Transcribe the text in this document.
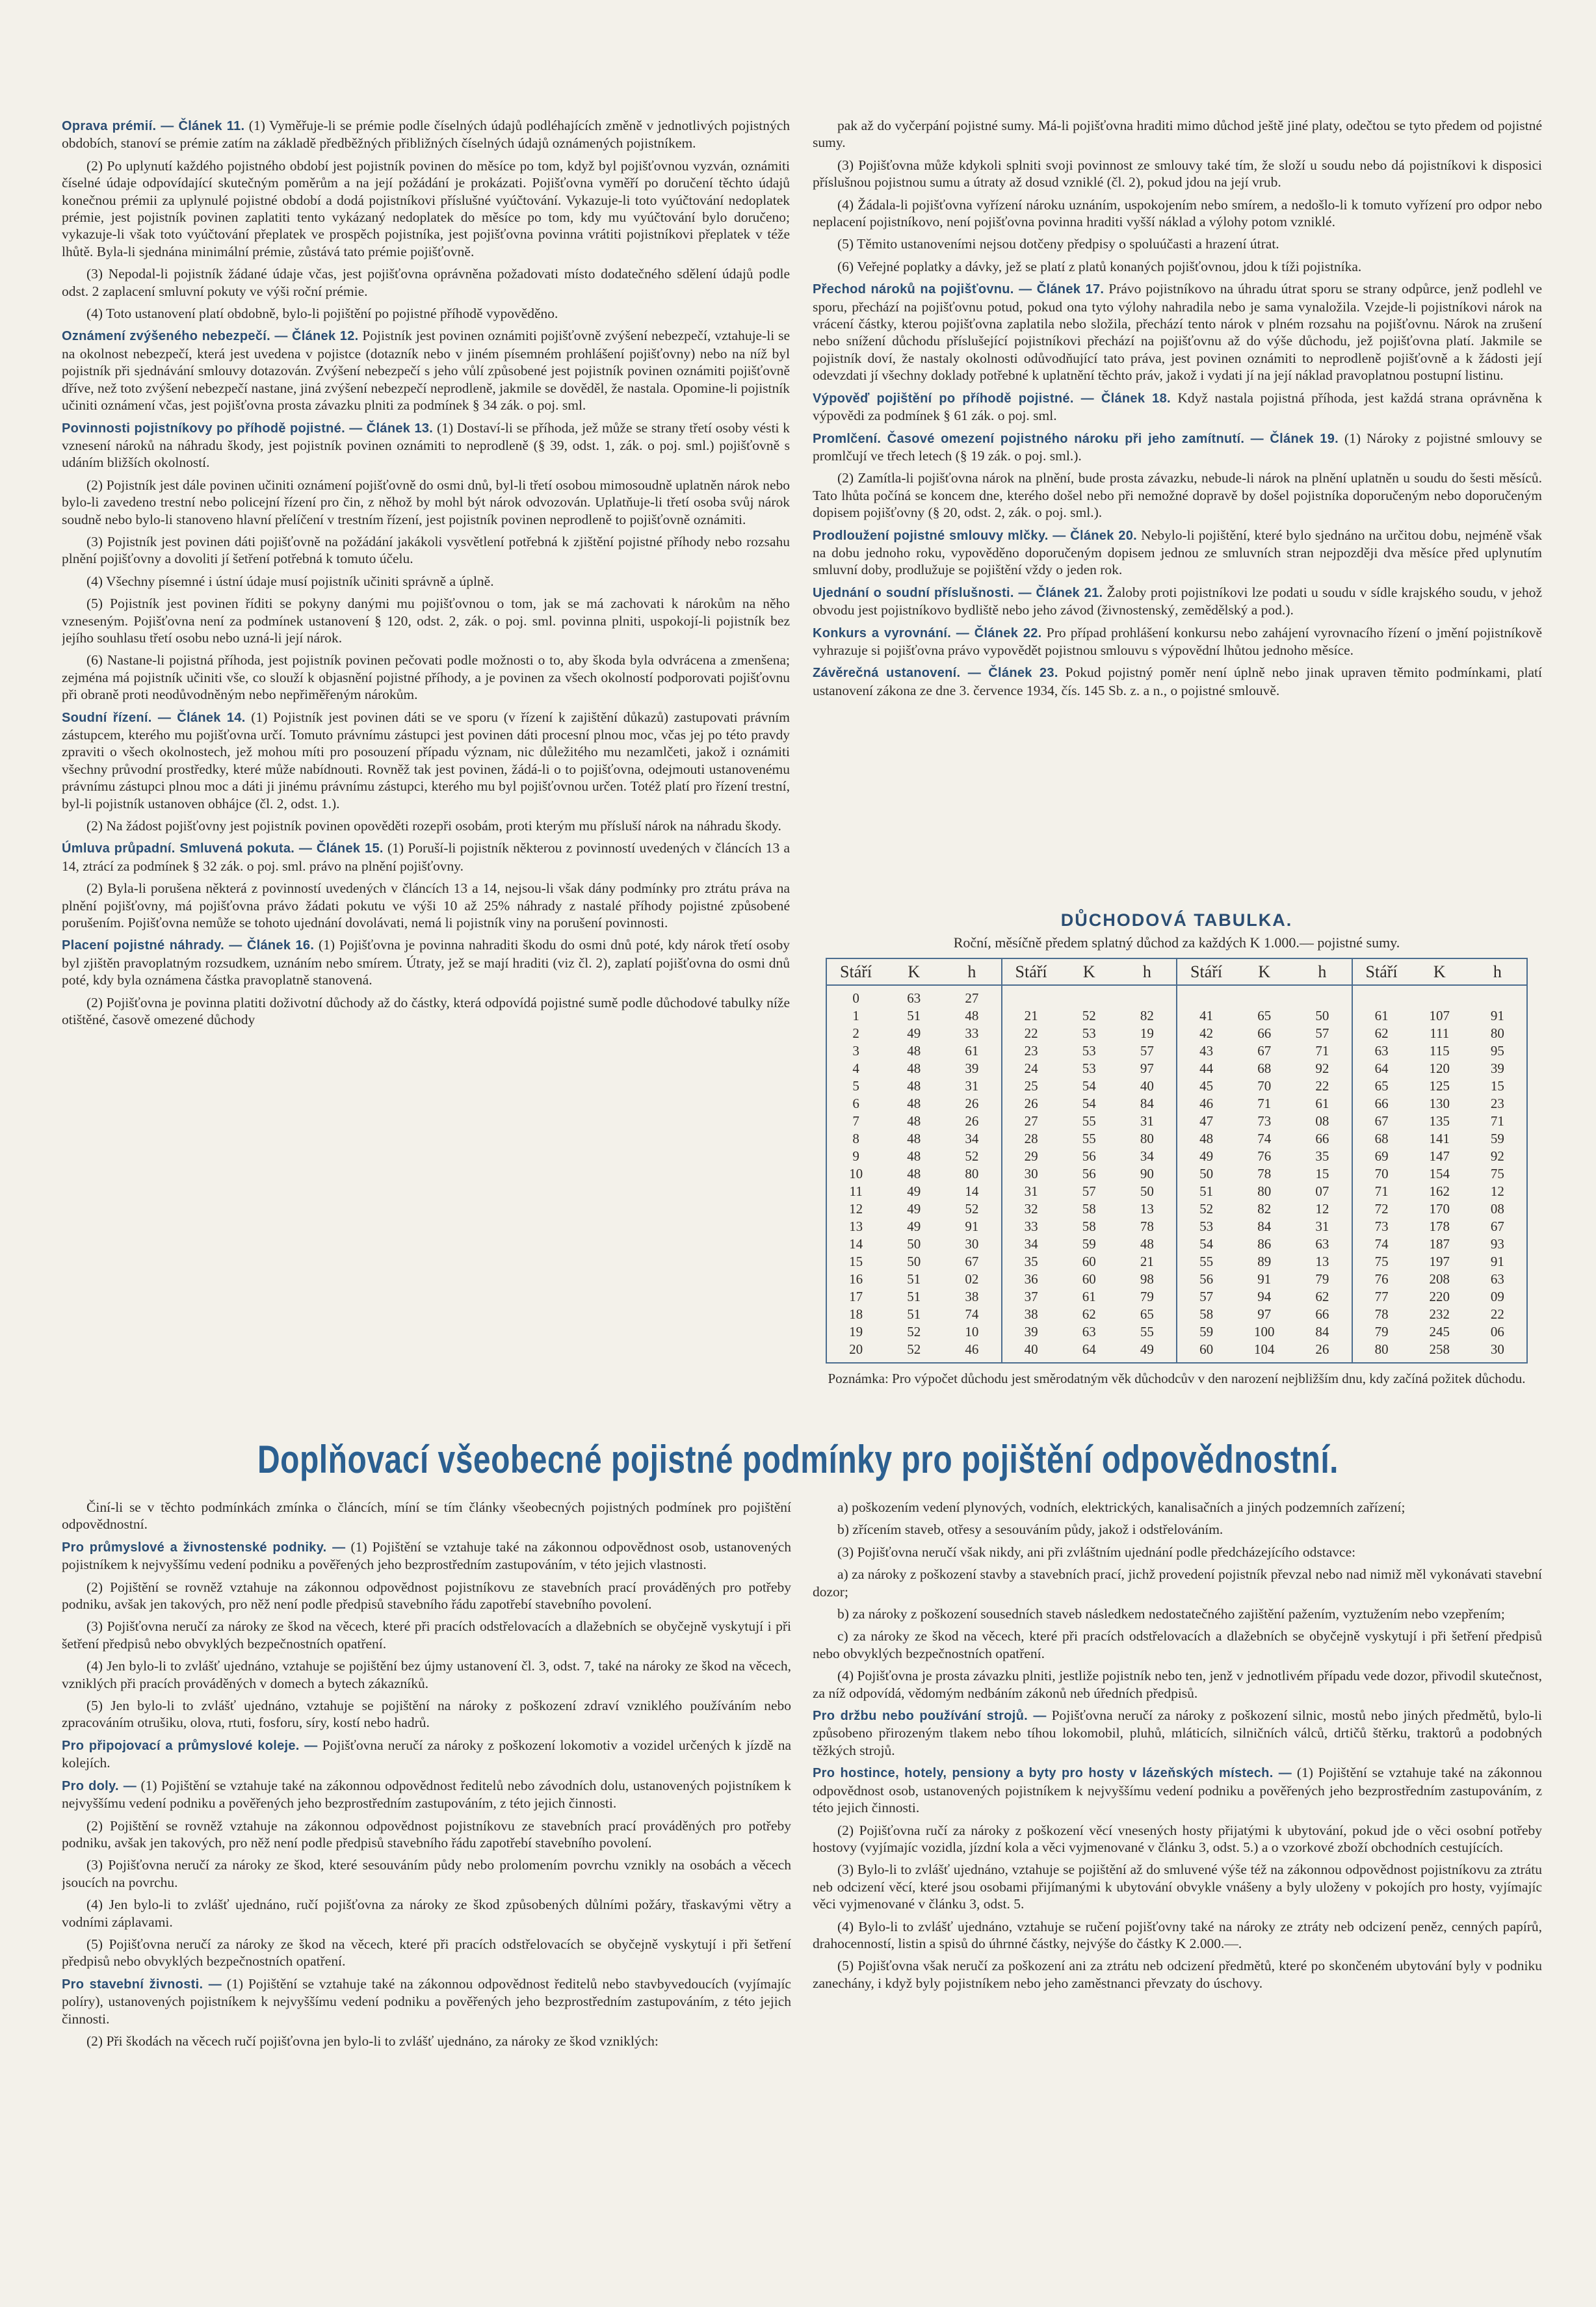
Oprava prémií. — Článek 11. (1) Vyměřuje-li se prémie podle číselných údajů podléhajících změně v jednotlivých pojistných obdobích, stanoví se prémie zatím na základě předběžných přibližných číselných údajů oznámených pojistníkem.

(2) Po uplynutí každého pojistného období jest pojistník povinen do měsíce po tom, když byl pojišťovnou vyzván, oznámiti číselné údaje odpovídající skutečným poměrům a na její požádání je prokázati. Pojišťovna vyměří po doručení těchto údajů konečnou prémii za uplynulé pojistné období a dodá pojistníkovi příslušné vyúčtování. Vykazuje-li toto vyúčtování nedoplatek prémie, jest pojistník povinen zaplatiti tento vykázaný nedoplatek do měsíce po tom, kdy mu vyúčtování bylo doručeno; vykazuje-li však toto vyúčtování přeplatek ve prospěch pojistníka, jest pojišťovna povinna vrátiti pojistníkovi přeplatek v téže lhůtě. Byla-li sjednána minimální prémie, zůstává tato prémie pojišťovně.

(3) Nepodal-li pojistník žádané údaje včas, jest pojišťovna oprávněna požadovati místo dodatečného sdělení údajů podle odst. 2 zaplacení smluvní pokuty ve výši roční prémie.

(4) Toto ustanovení platí obdobně, bylo-li pojištění po pojistné příhodě vypověděno.

Oznámení zvýšeného nebezpečí. — Článek 12. Pojistník jest povinen oznámiti pojišťovně zvýšení nebezpečí, vztahuje-li se na okolnost nebezpečí, která jest uvedena v pojistce (dotazník nebo v jiném písemném prohlášení pojišťovny) nebo na níž byl pojistník při sjednávání smlouvy dotazován. Zvýšení nebezpečí s jeho vůlí způsobené jest pojistník povinen oznámiti pojišťovně dříve, než toto zvýšení nebezpečí nastane, jiná zvýšení nebezpečí neprodleně, jakmile se dověděl, že nastala. Opomine-li pojistník učiniti oznámení včas, jest pojišťovna prosta závazku plniti za podmínek § 34 zák. o poj. sml.

Povinnosti pojistníkovy po příhodě pojistné. — Článek 13. (1) Dostaví-li se příhoda, jež může se strany třetí osoby vésti k vznesení nároků na náhradu škody, jest pojistník povinen oznámiti to neprodleně (§ 39, odst. 1, zák. o poj. sml.) pojišťovně s udáním bližších okolností.

(2) Pojistník jest dále povinen učiniti oznámení pojišťovně do osmi dnů, byl-li třetí osobou mimosoudně uplatněn nárok nebo bylo-li zavedeno trestní nebo policejní řízení pro čin, z něhož by mohl být nárok odvozován. Uplatňuje-li třetí osoba svůj nárok soudně nebo bylo-li stanoveno hlavní přelíčení v trestním řízení, jest pojistník povinen neprodleně to pojišťovně oznámiti.

(3) Pojistník jest povinen dáti pojišťovně na požádání jakákoli vysvětlení potřebná k zjištění pojistné příhody nebo rozsahu plnění pojišťovny a dovoliti jí šetření potřebná k tomuto účelu.

(4) Všechny písemné i ústní údaje musí pojistník učiniti správně a úplně.

(5) Pojistník jest povinen říditi se pokyny danými mu pojišťovnou o tom, jak se má zachovati k nárokům na něho vzneseným. Pojišťovna není za podmínek ustanovení § 120, odst. 2, zák. o poj. sml. povinna plniti, uspokojí-li pojistník bez jejího souhlasu třetí osobu nebo uzná-li její nárok.

(6) Nastane-li pojistná příhoda, jest pojistník povinen pečovati podle možnosti o to, aby škoda byla odvrácena a zmenšena; zejména má pojistník učiniti vše, co slouží k objasnění pojistné příhody, a je povinen za všech okolností podporovati pojišťovnu při obraně proti neodůvodněným nebo nepřiměřeným nárokům.

Soudní řízení. — Článek 14. (1) Pojistník jest povinen dáti se ve sporu (v řízení k zajištění důkazů) zastupovati právním zástupcem, kterého mu pojišťovna určí. Tomuto právnímu zástupci jest povinen dáti procesní plnou moc, včas jej po této pravdy zpraviti o všech okolnostech, jež mohou míti pro posouzení případu význam, nic důležitého mu nezamlčeti, jakož i oznámiti všechny průvodní prostředky, které může nabídnouti. Rovněž tak jest povinen, žádá-li o to pojišťovna, odejmouti ustanovenému právnímu zástupci plnou moc a dáti ji jinému právnímu zástupci, kterého mu byl pojišťovnou určen. Totéž platí pro řízení trestní, byl-li pojistník ustanoven obhájce (čl. 2, odst. 1.).

(2) Na žádost pojišťovny jest pojistník povinen opověděti rozepři osobám, proti kterým mu přísluší nárok na náhradu škody.

Úmluva průpadní. Smluvená pokuta. — Článek 15. (1) Poruší-li pojistník některou z povinností uvedených v článcích 13 a 14, ztrácí za podmínek § 32 zák. o poj. sml. právo na plnění pojišťovny.

(2) Byla-li porušena některá z povinností uvedených v článcích 13 a 14, nejsou-li však dány podmínky pro ztrátu práva na plnění pojišťovny, má pojišťovna právo žádati pokutu ve výši 10 až 25% náhrady z nastalé příhody pojistné způsobené porušením. Pojišťovna nemůže se tohoto ujednání dovolávati, nemá li pojistník viny na porušení povinnosti.

Placení pojistné náhrady. — Článek 16. (1) Pojišťovna je povinna nahraditi škodu do osmi dnů poté, kdy nárok třetí osoby byl zjištěn pravoplatným rozsudkem, uznáním nebo smírem. Útraty, jež se mají hraditi (viz čl. 2), zaplatí pojišťovna do osmi dnů poté, kdy byla oznámena částka pravoplatně stanovená.

(2) Pojišťovna je povinna platiti doživotní důchody až do částky, která odpovídá pojistné sumě podle důchodové tabulky níže otištěné, časově omezené důchody

pak až do vyčerpání pojistné sumy. Má-li pojišťovna hraditi mimo důchod ještě jiné platy, odečtou se tyto předem od pojistné sumy.

(3) Pojišťovna může kdykoli splniti svoji povinnost ze smlouvy také tím, že složí u soudu nebo dá pojistníkovi k disposici příslušnou pojistnou sumu a útraty až dosud vzniklé (čl. 2), pokud jdou na její vrub.

(4) Žádala-li pojišťovna vyřízení nároku uznáním, uspokojením nebo smírem, a nedošlo-li k tomuto vyřízení pro odpor nebo neplacení pojistníkovo, není pojišťovna povinna hraditi vyšší náklad a výlohy potom vzniklé.

(5) Těmito ustanoveními nejsou dotčeny předpisy o spoluúčasti a hrazení útrat.

(6) Veřejné poplatky a dávky, jež se platí z platů konaných pojišťovnou, jdou k tíži pojistníka.

Přechod nároků na pojišťovnu. — Článek 17. Právo pojistníkovo na úhradu útrat sporu se strany odpůrce, jenž podlehl ve sporu, přechází na pojišťovnu potud, pokud ona tyto výlohy nahradila nebo je sama vynaložila. Vzejde-li pojistníkovi nárok na vrácení částky, kterou pojišťovna zaplatila nebo složila, přechází tento nárok v plném rozsahu na pojišťovnu. Nárok na zrušení nebo snížení důchodu příslušející pojistníkovi přechází na pojišťovnu až do výše důchodu, jež pojišťovna platí. Jakmile se pojistník doví, že nastaly okolnosti odůvodňující tato práva, jest povinen oznámiti to neprodleně pojišťovně a k žádosti její odevzdati jí všechny doklady potřebné k uplatnění těchto práv, jakož i vydati jí na její náklad pravoplatnou postupní listinu.

Výpověď pojištění po příhodě pojistné. — Článek 18. Když nastala pojistná příhoda, jest každá strana oprávněna k výpovědi za podmínek § 61 zák. o poj. sml.

Promlčení. Časové omezení pojistného nároku při jeho zamítnutí. — Článek 19. (1) Nároky z pojistné smlouvy se promlčují ve třech letech (§ 19 zák. o poj. sml.).

(2) Zamítla-li pojišťovna nárok na plnění, bude prosta závazku, nebude-li nárok na plnění uplatněn u soudu do šesti měsíců. Tato lhůta počíná se koncem dne, kterého došel nebo při nemožné dopravě by došel pojistníka doporučeným nebo doporučeným dopisem pojišťovny (§ 20, odst. 2, zák. o poj. sml.).

Prodloužení pojistné smlouvy mlčky. — Článek 20. Nebylo-li pojištění, které bylo sjednáno na určitou dobu, nejméně však na dobu jednoho roku, vypověděno doporučeným dopisem jednou ze smluvních stran nejpozději dva měsíce před uplynutím smluvní doby, prodlužuje se pojištění vždy o jeden rok.

Ujednání o soudní příslušnosti. — Článek 21. Žaloby proti pojistníkovi lze podati u soudu v sídle krajského soudu, v jehož obvodu jest pojistníkovo bydliště nebo jeho závod (živnostenský, zemědělský a pod.).

Konkurs a vyrovnání. — Článek 22. Pro případ prohlášení konkursu nebo zahájení vyrovnacího řízení o jmění pojistníkově vyhrazuje si pojišťovna právo vypovědět pojistnou smlouvu s výpovědní lhůtou jednoho měsíce.

Závěrečná ustanovení. — Článek 23. Pokud pojistný poměr není úplně nebo jinak upraven těmito podmínkami, platí ustanovení zákona ze dne 3. července 1934, čís. 145 Sb. z. a n., o pojistné smlouvě.

DŮCHODOVÁ TABULKA.
Roční, měsíčně předem splatný důchod za každých K 1.000.— pojistné sumy.
Stáří	K	h
0	63	27
1	51	48
2	49	33
3	48	61
4	48	39
5	48	31
6	48	26
7	48	26
8	48	34
9	48	52
10	48	80
11	49	14
12	49	52
13	49	91
14	50	30
15	50	67
16	51	02
17	51	38
18	51	74
19	52	10
20	52	46
Stáří	K	h
21	52	82
22	53	19
23	53	57
24	53	97
25	54	40
26	54	84
27	55	31
28	55	80
29	56	34
30	56	90
31	57	50
32	58	13
33	58	78
34	59	48
35	60	21
36	60	98
37	61	79
38	62	65
39	63	55
40	64	49
Stáří	K	h
41	65	50
42	66	57
43	67	71
44	68	92
45	70	22
46	71	61
47	73	08
48	74	66
49	76	35
50	78	15
51	80	07
52	82	12
53	84	31
54	86	63
55	89	13
56	91	79
57	94	62
58	97	66
59	100	84
60	104	26
Stáří	K	h
61	107	91
62	111	80
63	115	95
64	120	39
65	125	15
66	130	23
67	135	71
68	141	59
69	147	92
70	154	75
71	162	12
72	170	08
73	178	67
74	187	93
75	197	91
76	208	63
77	220	09
78	232	22
79	245	06
80	258	30
Poznámka: Pro výpočet důchodu jest směrodatným věk důchodcův v den narození nejbližším dnu, kdy začíná požitek důchodu.
Doplňovací všeobecné pojistné podmínky pro pojištění odpovědnostní.

Činí-li se v těchto podmínkách zmínka o článcích, míní se tím články všeobecných pojistných podmínek pro pojištění odpovědnostní.

Pro průmyslové a živnostenské podniky. — (1) Pojištění se vztahuje také na zákonnou odpovědnost osob, ustanovených pojistníkem k nejvyššímu vedení podniku a pověřených jeho bezprostředním zastupováním, v této jejich vlastnosti.

(2) Pojištění se rovněž vztahuje na zákonnou odpovědnost pojistníkovu ze stavebních prací prováděných pro potřeby podniku, avšak jen takových, pro něž není podle předpisů stavebního řádu zapotřebí stavebního povolení.

(3) Pojišťovna neručí za nároky ze škod na věcech, které při pracích odstřelovacích a dlažebních se obyčejně vyskytují i při šetření předpisů nebo obvyklých bezpečnostních opatření.

(4) Jen bylo-li to zvlášť ujednáno, vztahuje se pojištění bez újmy ustanovení čl. 3, odst. 7, také na nároky ze škod na věcech, vzniklých při pracích prováděných v domech a bytech zákazníků.

(5) Jen bylo-li to zvlášť ujednáno, vztahuje se pojištění na nároky z poškození zdraví vzniklého používáním nebo zpracováním otrušiku, olova, rtuti, fosforu, síry, kostí nebo hadrů.

Pro připojovací a průmyslové koleje. — Pojišťovna neručí za nároky z poškození lokomotiv a vozidel určených k jízdě na kolejích.

Pro doly. — (1) Pojištění se vztahuje také na zákonnou odpovědnost ředitelů nebo závodních dolu, ustanovených pojistníkem k nejvyššímu vedení podniku a pověřených jeho bezprostředním zastupováním, z této jejich činnosti.

(2) Pojištění se rovněž vztahuje na zákonnou odpovědnost pojistníkovu ze stavebních prací prováděných pro potřeby podniku, avšak jen takových, pro něž není podle předpisů stavebního řádu zapotřebí stavebního povolení.

(3) Pojišťovna neručí za nároky ze škod, které sesouváním půdy nebo prolomením povrchu vznikly na osobách a věcech jsoucích na povrchu.

(4) Jen bylo-li to zvlášť ujednáno, ručí pojišťovna za nároky ze škod způsobených důlními požáry, třaskavými větry a vodními záplavami.

(5) Pojišťovna neručí za nároky ze škod na věcech, které při pracích odstřelovacích se obyčejně vyskytují i při šetření předpisů nebo obvyklých bezpečnostních opatření.

Pro stavební živnosti. — (1) Pojištění se vztahuje také na zákonnou odpovědnost ředitelů nebo stavbyvedoucích (vyjímajíc políry), ustanovených pojistníkem k nejvyššímu vedení podniku a pověřených jeho bezprostředním zastupováním, z této jejich činnosti.

(2) Při škodách na věcech ručí pojišťovna jen bylo-li to zvlášť ujednáno, za nároky ze škod vzniklých:

a) poškozením vedení plynových, vodních, elektrických, kanalisačních a jiných podzemních zařízení;

b) zřícením staveb, otřesy a sesouváním půdy, jakož i odstřelováním.

(3) Pojišťovna neručí však nikdy, ani při zvláštním ujednání podle předcházejícího odstavce:

a) za nároky z poškození stavby a stavebních prací, jichž provedení pojistník převzal nebo nad nimiž měl vykonávati stavební dozor;

b) za nároky z poškození sousedních staveb následkem nedostatečného zajištění pažením, vyztužením nebo vzepřením;

c) za nároky ze škod na věcech, které při pracích odstřelovacích a dlažebních se obyčejně vyskytují i při šetření předpisů nebo obvyklých bezpečnostních opatření.

(4) Pojišťovna je prosta závazku plniti, jestliže pojistník nebo ten, jenž v jednotlivém případu vede dozor, přivodil skutečnost, za níž odpovídá, vědomým nedbáním zákonů neb úředních předpisů.

Pro držbu nebo používání strojů. — Pojišťovna neručí za nároky z poškození silnic, mostů nebo jiných předmětů, bylo-li způsobeno přirozeným tlakem nebo tíhou lokomobil, pluhů, mláticích, silničních válců, drtičů štěrku, traktorů a podobných těžkých strojů.

Pro hostince, hotely, pensiony a byty pro hosty v lázeňských místech. — (1) Pojištění se vztahuje také na zákonnou odpovědnost osob, ustanovených pojistníkem k nejvyššímu vedení podniku a pověřených jeho bezprostředním zastupováním, z této jejich činnosti.

(2) Pojišťovna ručí za nároky z poškození věcí vnesených hosty přijatými k ubytování, pokud jde o věci osobní potřeby hostovy (vyjímajíc vozidla, jízdní kola a věci vyjmenované v článku 3, odst. 5.) a o vzorkové zboží obchodních cestujících.

(3) Bylo-li to zvlášť ujednáno, vztahuje se pojištění až do smluvené výše též na zákonnou odpovědnost pojistníkovu za ztrátu neb odcizení věcí, které jsou osobami přijímanými k ubytování obvykle vnášeny a byly uloženy v pokojích pro hosty, vyjímajíc věci vyjmenované v článku 3, odst. 5.

(4) Bylo-li to zvlášť ujednáno, vztahuje se ručení pojišťovny také na nároky ze ztráty neb odcizení peněz, cenných papírů, drahocenností, listin a spisů do úhrnné částky, nejvýše do částky K 2.000.—.

(5) Pojišťovna však neručí za poškození ani za ztrátu neb odcizení předmětů, které po skončeném ubytování byly v podniku zanechány, i když byly pojistníkem nebo jeho zaměstnanci převzaty do úschovy.
